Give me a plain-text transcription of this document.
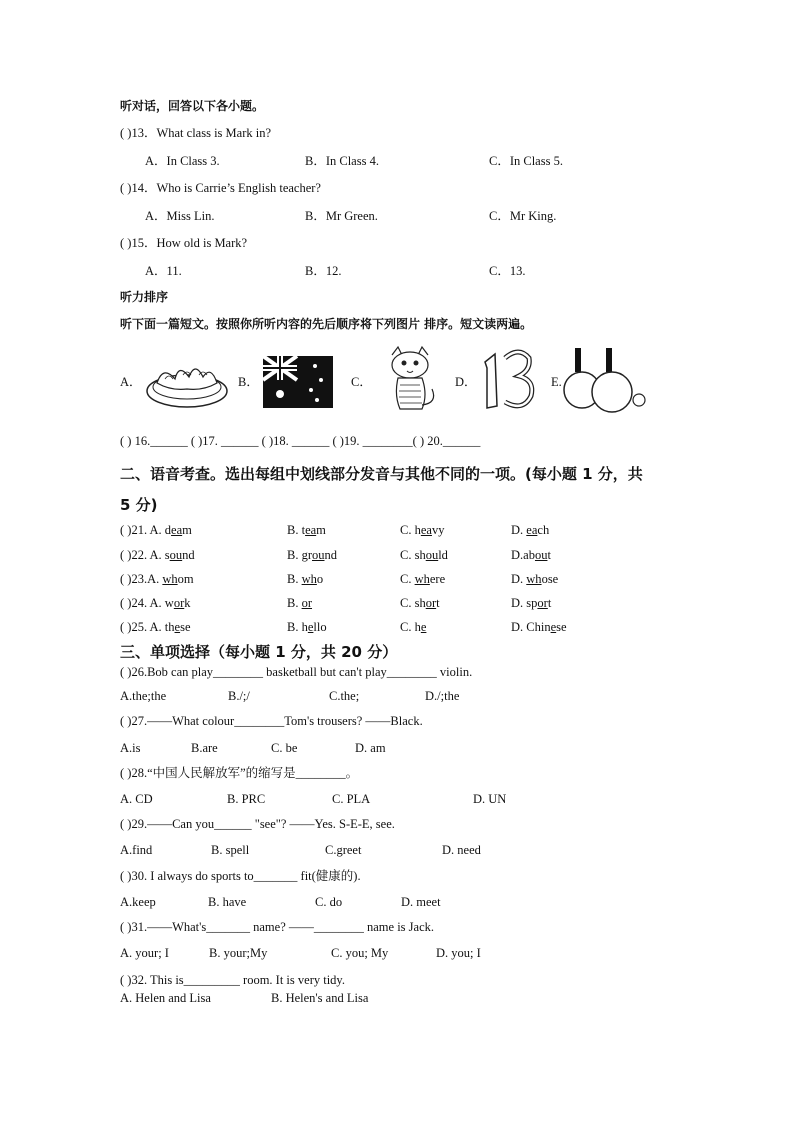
听对话，回答以下各小题。
( )13．What class is Mark in?
A．In Class 3.	B．In Class 4.	C．In Class 5.
( )14．Who is Carrie’s English teacher?
A．Miss Lin.	B．Mr Green.	C．Mr King.
( )15．How old is Mark?
A．11.	B．12.	C．13.
听力排序
听下面一篇短文。按照你所听内容的先后顺序将下列图片 排序。短文读两遍。
A．	B．	C．	D．	E.
( ) 16.______ ( )17. ______ ( )18. ______ ( )19. ________( ) 20.______
二、语音考查。选出每组中划线部分发音与其他不同的一项。(每小题 1 分，共
5 分)
( )21. A. deam	B. team	C. heavy	D. each
( )22. A. sound	B. ground	C. should	D.about
( )23.A. whom	B. who	C. where	D. whose
( )24. A. work	B. or	C. short	D. sport
( )25. A. these	B. hello	C. he	D. Chinese
三、单项选择（每小题 1 分，共 20 分）
( )26.Bob can play________ basketball but can't play________ violin.
A.the;the	B./;/	C.the;	D./;the
( )27.——What colour________Tom's trousers? ——Black.
A.is	B.are	C. be	D. am
( )28.“中国人民解放军”的缩写是________。
A. CD	B. PRC	C. PLA	D. UN
( )29.——Can you______ "see"? ——Yes. S-E-E, see.
A.find	B. spell	C.greet	D. need
( )30. I always do sports to_______ fit(健康的).
A.keep	B. have	C. do	D. meet
( )31.——What's_______ name? ——________ name is Jack.
A. your; I	B. your;My	C. you; My	D. you; I
( )32. This is_________ room. It is very tidy.
A. Helen and Lisa	B. Helen's and Lisa
